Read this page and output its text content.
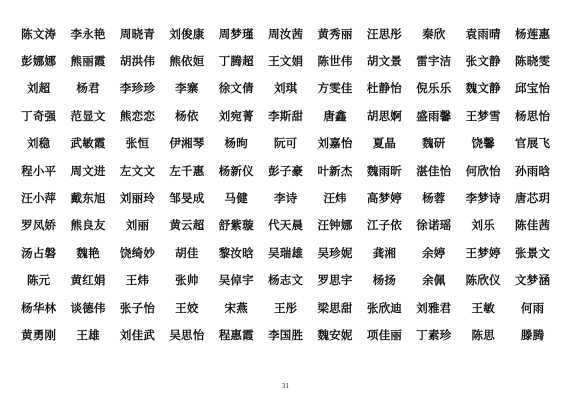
陈文涛	李永艳	周晓青	刘俊康	周梦瑾	周汝茜	黄秀丽	汪思彤	秦欣	袁雨晴	杨莲惠
彭娜娜	熊丽霞	胡洪伟	熊依姮	丁腾超	王文娟	陈世伟	胡文景	雷宇洁	张文静	陈晓雯
刘超	杨君	李珍珍	李寨	徐文倩	刘琪	方雯佳	杜静怡	倪乐乐	魏文静	邱宝怡
丁奇强	范显文	熊恋恋	杨依	刘宛菁	李斯甜	唐鑫	胡思婀	盛雨馨	王梦雪	杨思怡
刘稳	武敏霞	张恒	伊湘琴	杨昫	阮可	刘嘉怡	夏晶	魏研	饶馨	官展飞
程小平	周文进	左文文	左千惠	杨新仪	彭子豪	叶新杰	魏雨昕	湛佳怡	何欣怡	孙雨晗
汪小萍	戴东旭	刘丽玲	邹旻成	马健	李诗	汪炜	高梦婷	杨蓉	李梦诗	唐芯玥
罗凤娇	熊良友	刘丽	黄云超	舒紫璇	代天晨	汪钟娜	江子依	徐诺瑶	刘乐	陈佳茜
汤占磐	魏艳	饶绮妙	胡佳	黎汝晗	吴瑞雄	吴珍妮	龚湘	余婷	王梦婷	张景文
陈元	黄红娟	王炜	张帅	吴倬宇	杨志文	罗思宇	杨扬	余佩	陈欣仪	文梦涵
杨华林	谈德伟	张子怡	王姣	宋燕	王彤	梁思甜	张欣迪	刘雅君	王敏	何雨
黄勇刚	王雄	刘佳武	吴思怡	程惠霞	李国胜	魏安妮	项佳丽	丁素珍	陈思	滕腾
31
